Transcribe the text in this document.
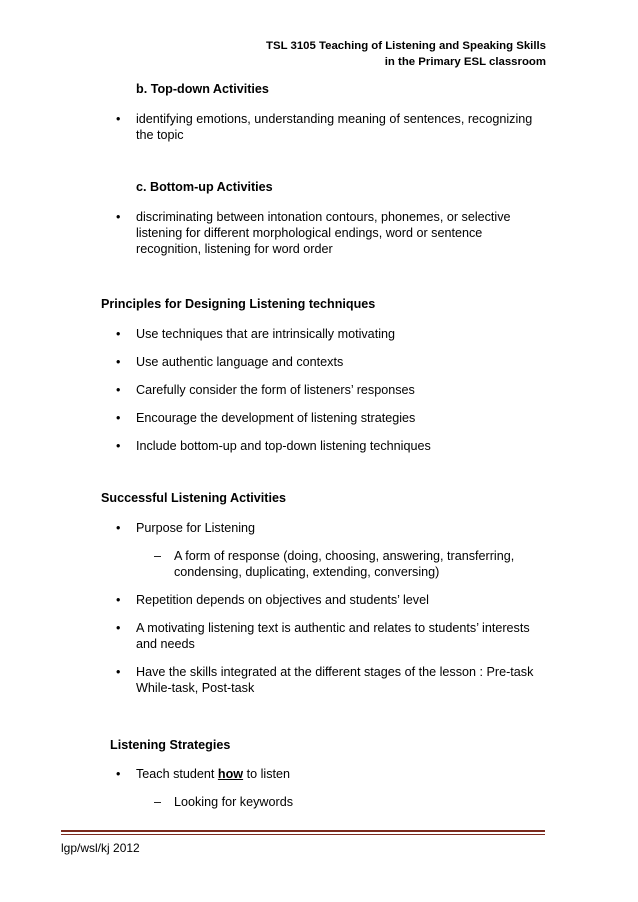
TSL 3105 Teaching of Listening and Speaking Skills
in the Primary ESL classroom
b. Top-down Activities
•	identifying emotions, understanding meaning of sentences, recognizing
the topic
c. Bottom-up Activities
•	discriminating between intonation contours, phonemes, or selective
listening for different morphological endings, word or sentence
recognition, listening for word order
Principles for Designing Listening techniques
•	Use techniques that are intrinsically motivating
•	Use authentic language and contexts
•	Carefully consider the form of listeners’ responses
•	Encourage the development of listening strategies
•	Include bottom-up and top-down listening techniques
Successful Listening Activities
•	Purpose for Listening
– A form of response (doing, choosing, answering, transferring,
condensing, duplicating, extending, conversing)
•	Repetition depends on objectives and students’ level
•	A motivating listening text is authentic and relates to students’ interests
and needs
•	Have the skills integrated at the different stages of the lesson : Pre-task
While-task, Post-task
Listening Strategies
•	Teach student how to listen
– Looking for keywords
lgp/wsl/kj 2012
